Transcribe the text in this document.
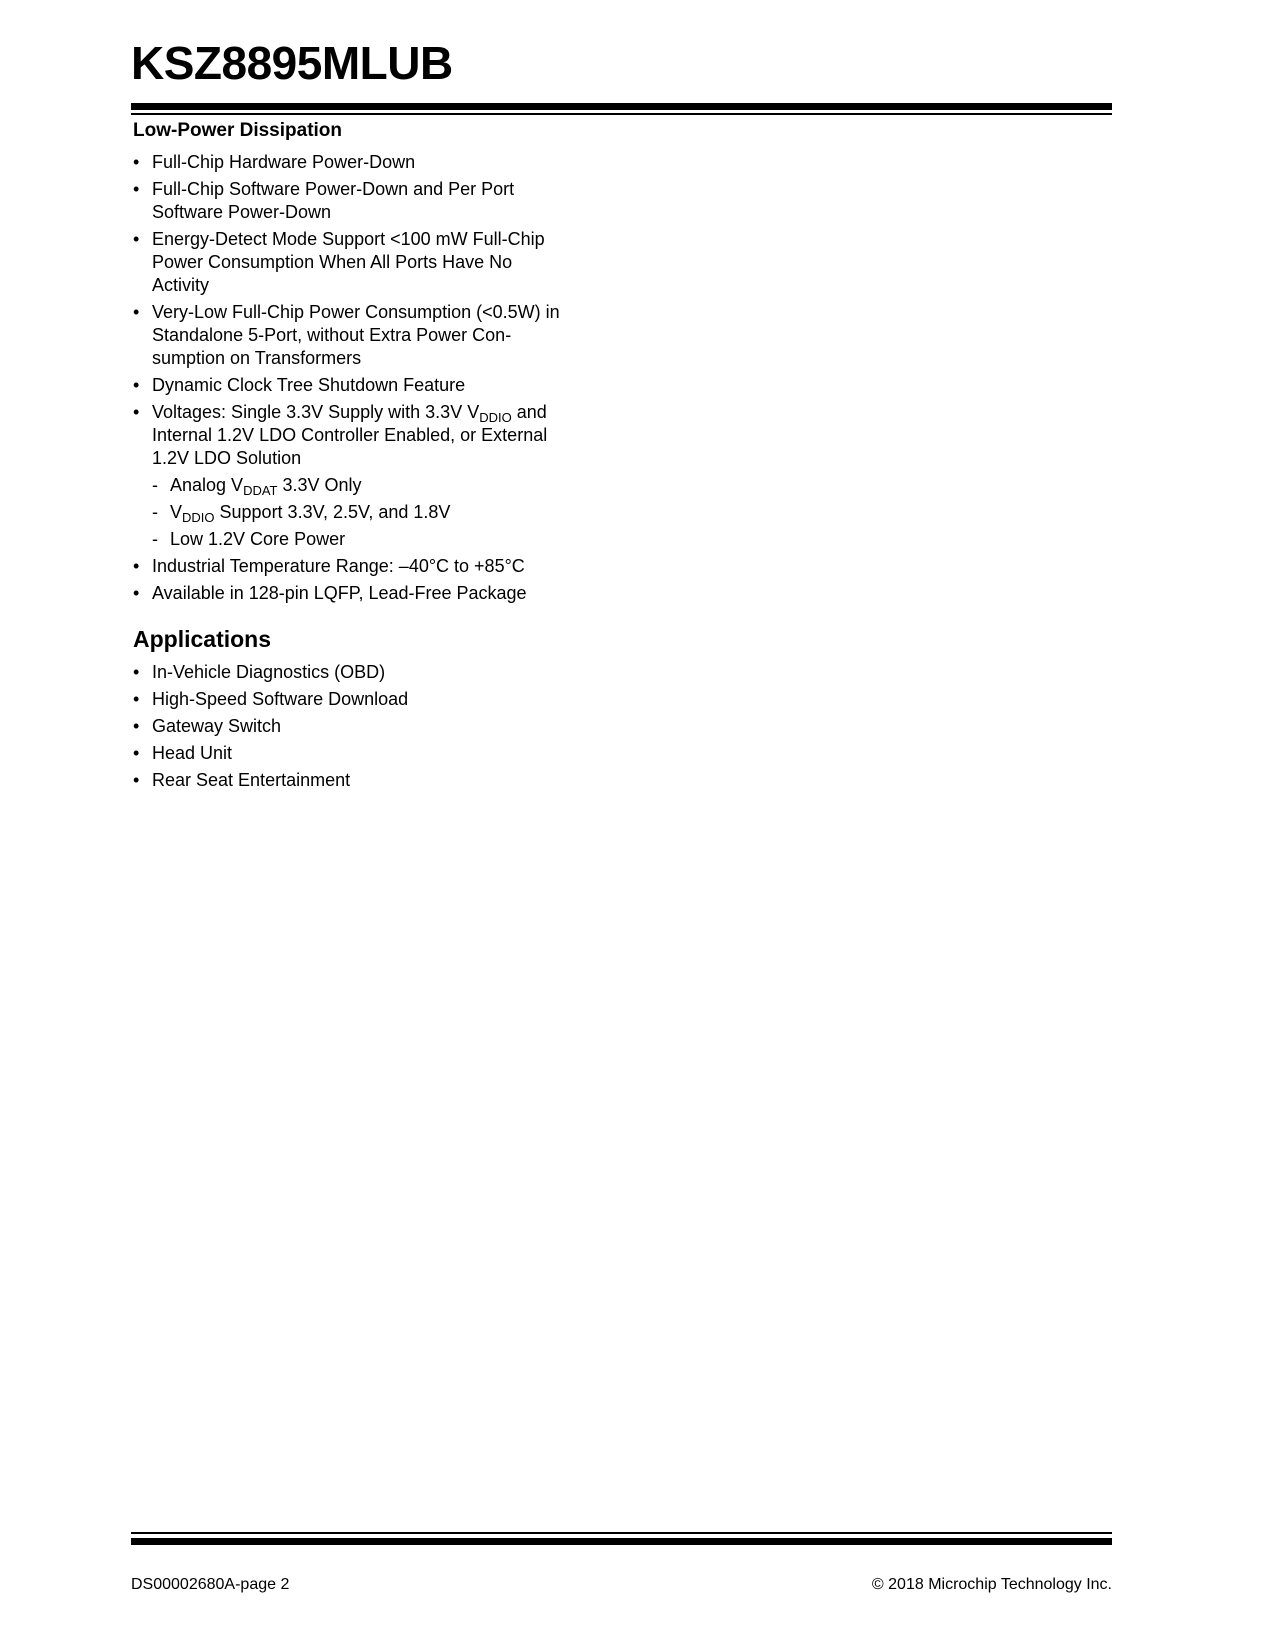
KSZ8895MLUB
Low-Power Dissipation
• Full-Chip Hardware Power-Down
• Full-Chip Software Power-Down and Per Port Software Power-Down
• Energy-Detect Mode Support <100 mW Full-Chip Power Consumption When All Ports Have No Activity
• Very-Low Full-Chip Power Consumption (<0.5W) in Standalone 5-Port, without Extra Power Con-sumption on Transformers
• Dynamic Clock Tree Shutdown Feature
• Voltages: Single 3.3V Supply with 3.3V $V_{DDIO}$ and Internal 1.2V LDO Controller Enabled, or External 1.2V LDO Solution
- Analog $V_{DDAT}$ 3.3V Only
- $V_{DDIO}$ Support 3.3V, 2.5V, and 1.8V
- Low 1.2V Core Power
• Industrial Temperature Range: –40°C to +85°C
• Available in 128-pin LQFP, Lead-Free Package
Applications
• In-Vehicle Diagnostics (OBD)
• High-Speed Software Download
• Gateway Switch
• Head Unit
• Rear Seat Entertainment
DS00002680A-page 2	© 2018 Microchip Technology Inc.
